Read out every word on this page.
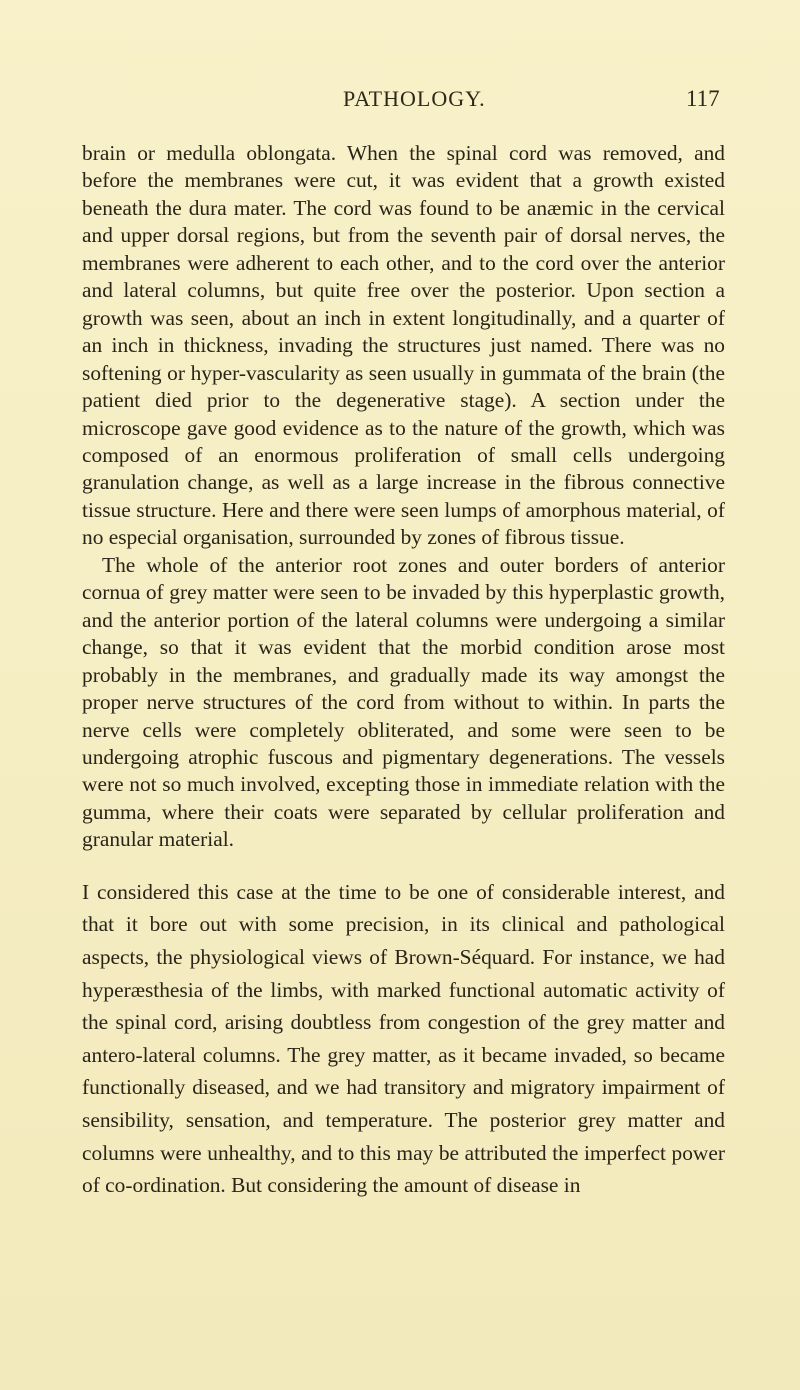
PATHOLOGY.	117

brain or medulla oblongata. When the spinal cord was removed, and before the membranes were cut, it was evident that a growth existed beneath the dura mater. The cord was found to be anæmic in the cervical and upper dorsal regions, but from the seventh pair of dorsal nerves, the membranes were adherent to each other, and to the cord over the anterior and lateral columns, but quite free over the posterior. Upon section a growth was seen, about an inch in extent longitudinally, and a quarter of an inch in thickness, invading the structures just named. There was no softening or hyper-vascularity as seen usually in gummata of the brain (the patient died prior to the degenerative stage). A section under the microscope gave good evidence as to the nature of the growth, which was composed of an enormous proliferation of small cells undergoing granulation change, as well as a large increase in the fibrous connective tissue structure. Here and there were seen lumps of amorphous material, of no especial organisation, surrounded by zones of fibrous tissue.

The whole of the anterior root zones and outer borders of anterior cornua of grey matter were seen to be invaded by this hyperplastic growth, and the anterior portion of the lateral columns were undergoing a similar change, so that it was evident that the morbid condition arose most probably in the membranes, and gradually made its way amongst the proper nerve structures of the cord from without to within. In parts the nerve cells were completely obliterated, and some were seen to be undergoing atrophic fuscous and pigmentary degenerations. The vessels were not so much involved, excepting those in immediate relation with the gumma, where their coats were separated by cellular proliferation and granular material.

I considered this case at the time to be one of considerable interest, and that it bore out with some precision, in its clinical and pathological aspects, the physiological views of Brown-Séquard. For instance, we had hyperæsthesia of the limbs, with marked functional automatic activity of the spinal cord, arising doubtless from congestion of the grey matter and antero-lateral columns. The grey matter, as it became invaded, so became functionally diseased, and we had transitory and migratory impairment of sensibility, sensation, and temperature. The posterior grey matter and columns were unhealthy, and to this may be attributed the imperfect power of co-ordination. But considering the amount of disease in
